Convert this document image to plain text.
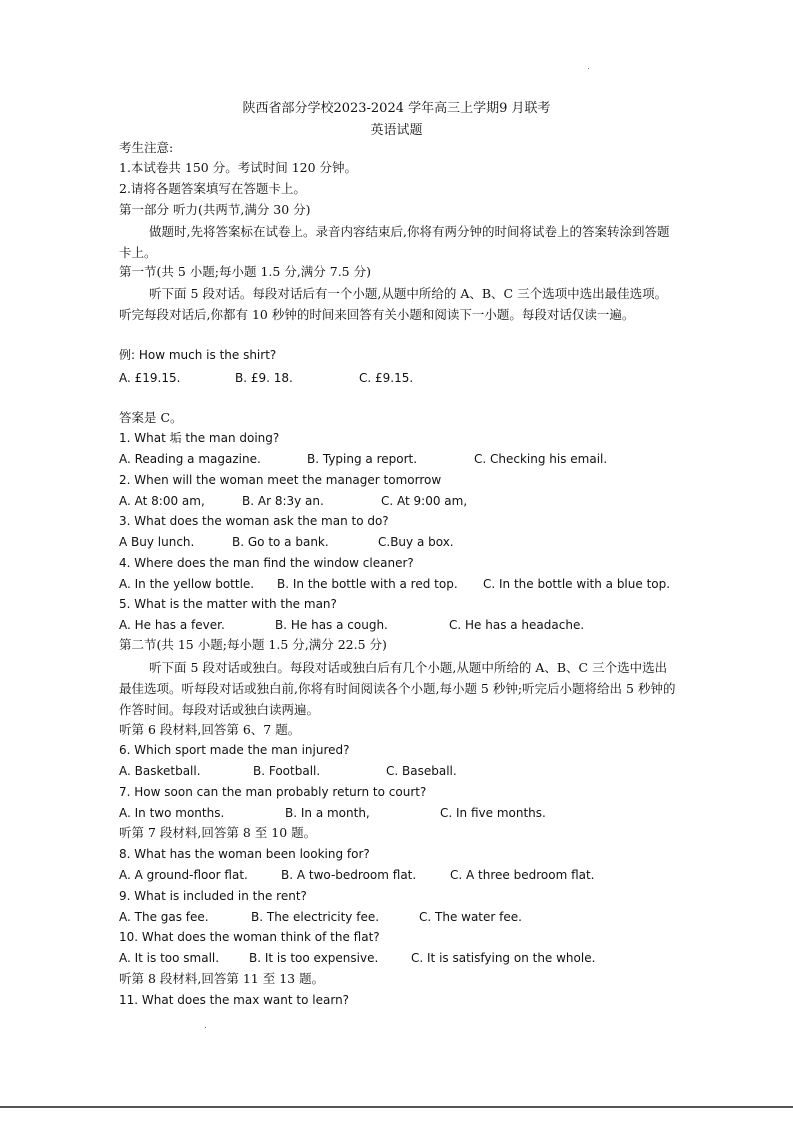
陕西省部分学校2023-2024 学年高三上学期9 月联考
英语试题
考生注意:
1.本试卷共 150 分。考试时间 120 分钟。
2.请将各题答案填写在答题卡上。
第一部分 听力(共两节,满分 30 分)
做题时,先将答案标在试卷上。录音内容结束后,你将有两分钟的时间将试卷上的答案转涂到答题卡上。
第一节(共 5 小题;每小题 1.5 分,满分 7.5 分)
听下面 5 段对话。每段对话后有一个小题,从题中所给的 A、B、C 三个选项中选出最佳选项。听完每段对话后,你都有 10 秒钟的时间来回答有关小题和阅读下一小题。每段对话仅读一遍。
例: How much is the shirt?
A. £19.15.	B. £9. 18.	C. £9.15.
答案是 C。
1. What 垢 the man doing?
A. Reading a magazine.	B. Typing a report.	C. Checking his email.
2. When will the woman meet the manager tomorrow
A. At 8:00 am,	B. Ar 8:3y an.	C. At 9:00 am,
3. What does the woman ask the man to do?
A Buy lunch.	B. Go to a bank.	C.Buy a box.
4. Where does the man find the window cleaner?
A. In the yellow bottle. B. In the bottle with a red top. C. In the bottle with a blue top.
5. What is the matter with the man?
A. He has a fever.	B. He has a cough.	C. He has a headache.
第二节(共 15 小题;每小题 1.5 分,满分 22.5 分)
听下面 5 段对话或独白。每段对话或独白后有几个小题,从题中所给的 A、B、C 三个选中选出最佳选项。听每段对话或独白前,你将有时间阅读各个小题,每小题 5 秒钟;听完后小题将给出 5 秒钟的作答时间。每段对话或独白读两遍。
听第 6 段材料,回答第 6、7 题。
6. Which sport made the man injured?
A. Basketball.	B. Football.	C. Baseball.
7. How soon can the man probably return to court?
A. In two months.	B. In a month,	C. In five months.
听第 7 段材料,回答第 8 至 10 题。
8. What has the woman been looking for?
A. A ground-floor flat.	B. A two-bedroom flat.	C. A three bedroom flat.
9. What is included in the rent?
A. The gas fee.	B. The electricity fee.	C. The water fee.
10. What does the woman think of the flat?
A. It is too small. B. It is too expensive.	C. It is satisfying on the whole.
听第 8 段材料,回答第 11 至 13 题。
11. What does the max want to learn?
